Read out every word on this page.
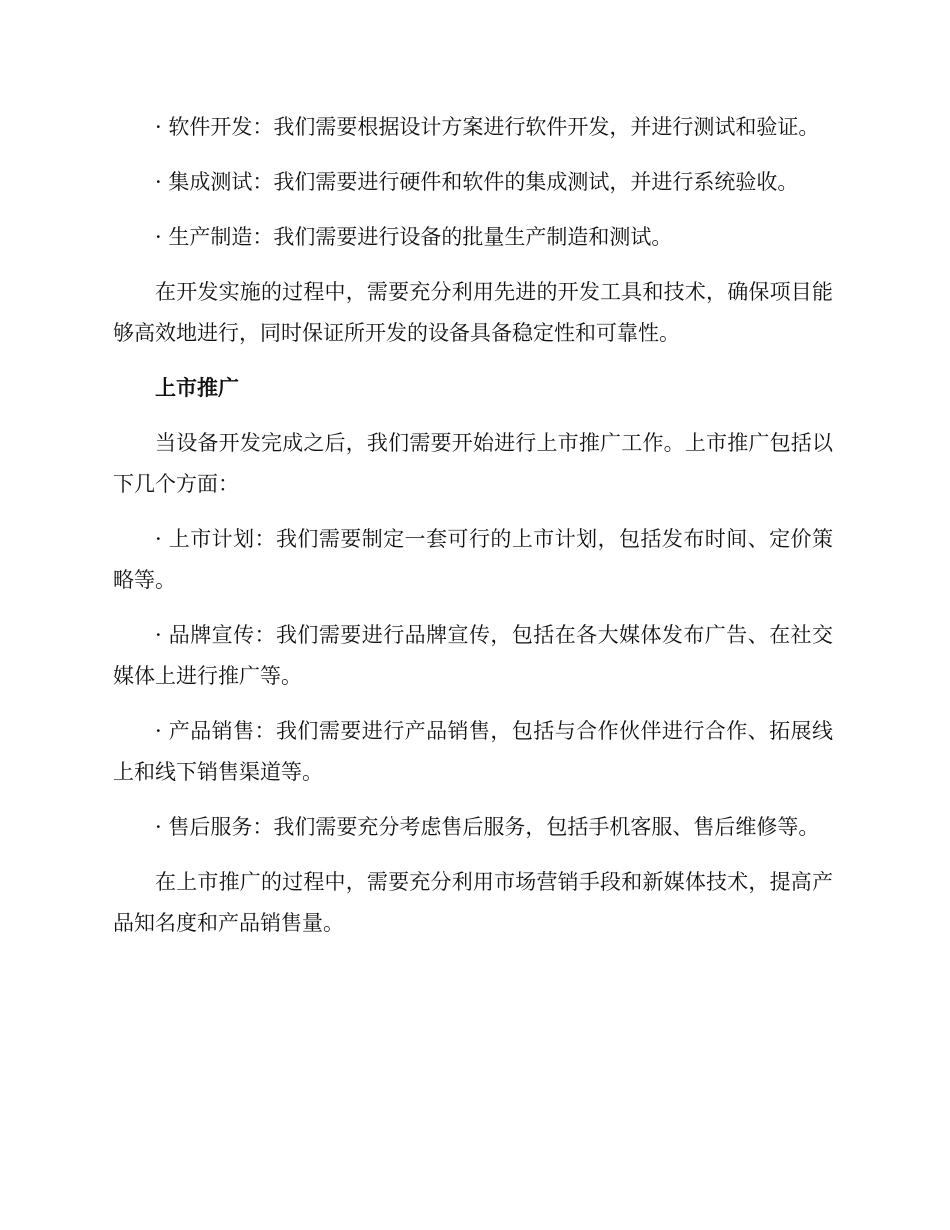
· 软件开发：我们需要根据设计方案进行软件开发，并进行测试和验证。

· 集成测试：我们需要进行硬件和软件的集成测试，并进行系统验收。

· 生产制造：我们需要进行设备的批量生产制造和测试。

在开发实施的过程中，需要充分利用先进的开发工具和技术，确保项目能够高效地进行，同时保证所开发的设备具备稳定性和可靠性。

上市推广

当设备开发完成之后，我们需要开始进行上市推广工作。上市推广包括以下几个方面：

· 上市计划：我们需要制定一套可行的上市计划，包括发布时间、定价策略等。

· 品牌宣传：我们需要进行品牌宣传，包括在各大媒体发布广告、在社交媒体上进行推广等。

· 产品销售：我们需要进行产品销售，包括与合作伙伴进行合作、拓展线上和线下销售渠道等。

· 售后服务：我们需要充分考虑售后服务，包括手机客服、售后维修等。

在上市推广的过程中，需要充分利用市场营销手段和新媒体技术，提高产品知名度和产品销售量。
